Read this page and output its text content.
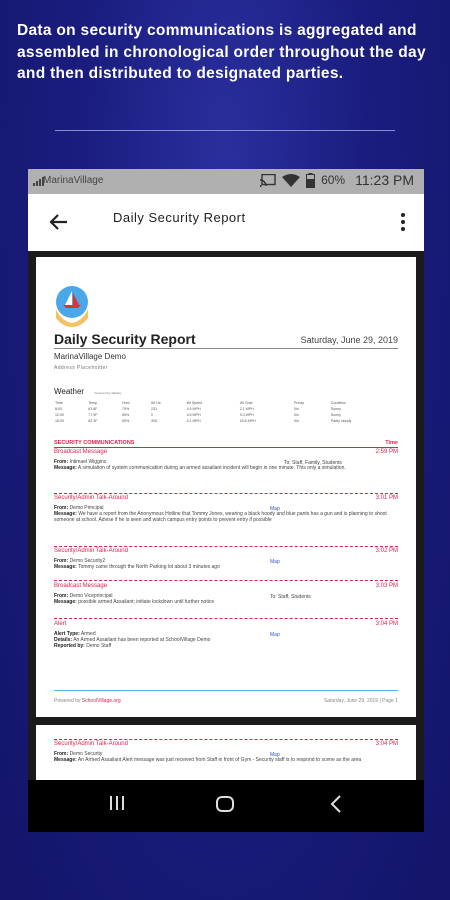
Data on security communications is aggregated and assembled in chronological order throughout the day and then distributed to designated parties.
MarinaVillage	60% 11:23 PM
Daily Security Report
Daily Security Report	Saturday, June 29, 2019
MarinaVillage Demo
Address Placeholder
Weather	Powered by darksky
Time	Temp	Hum	Wi Dir	Wi Speed	Wi Gust	Precip	Condition
8:00	63.8F	75%	231	4.5 MPH	2.1 MPH	0in	Sunny
12:00	77.9F	55%	0	4.6 MPH	9.3 MPH	0in	Sunny
16:00	82.3F	50%	305	6.1 MPH	16.6 MPH	0in	Partly cloudy
SECURITY COMMUNICATIONS	Time
Broadcast Message	2:59 PM
From: Intimael Wiggins
Message: A simulation of system communication during an armed assailant incident will begin in one minute. This only a simulation.
To: Staff, Family, Students
Security/Admin Talk-Around	3:01 PM
From: Demo Principal
Message: We have a report from the Anonymous Hotline that Tommy Jones, wearing a black hoody and blue pants has a gun and is planning to shoot someone at school. Advise if he is seen and watch campus entry points to prevent entry if possible
Map
Security/Admin Talk-Around	3:02 PM
From: Demo Security2
Message: Tommy came through the North Parking lot about 3 minutes ago
Map
Broadcast Message	3:03 PM
From: Demo Viceprincipal
Message: possible armed Assailant; initiate lockdown until further notice
To: Staff, Students
Alert	3:04 PM
Alert Type: Armed
Details: An Armed Assailant has been reported at SchoolVillage Demo
Reported by: Demo Staff
Map
Powered by SchoolVillage.org	Saturday, June 29, 2019 | Page 1
Security/Admin Talk-Around	3:04 PM
From: Demo Security
Message: An Armed Assailant Alert message was just received from Staff in front of Gym - Security staff is to respond to scene as the area
Map
